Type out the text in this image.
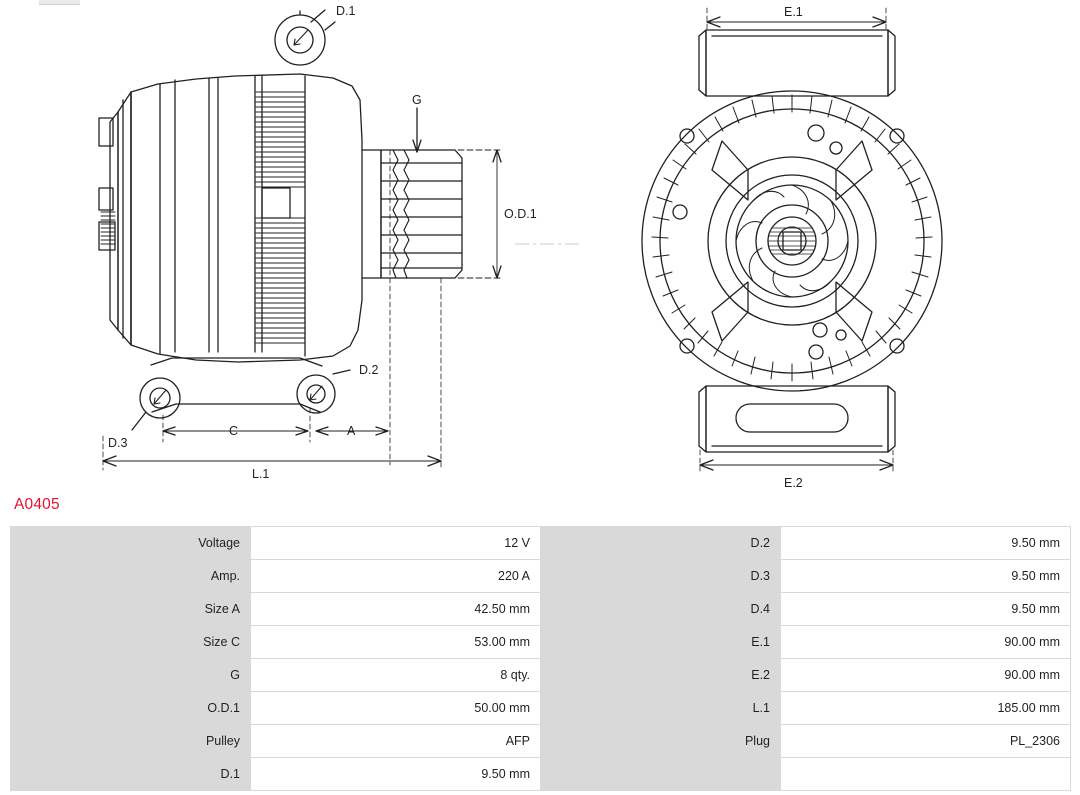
D.1
G
O.D.1
D.2
D.3
C	A
L.1
E.1
E.2
A0405
Voltage	12 V	D.2	9.50 mm
Amp.	220 A	D.3	9.50 mm
Size A	42.50 mm	D.4	9.50 mm
Size C	53.00 mm	E.1	90.00 mm
G	8 qty.	E.2	90.00 mm
O.D.1	50.00 mm	L.1	185.00 mm
Pulley	AFP	Plug	PL_2306
D.1	9.50 mm		
